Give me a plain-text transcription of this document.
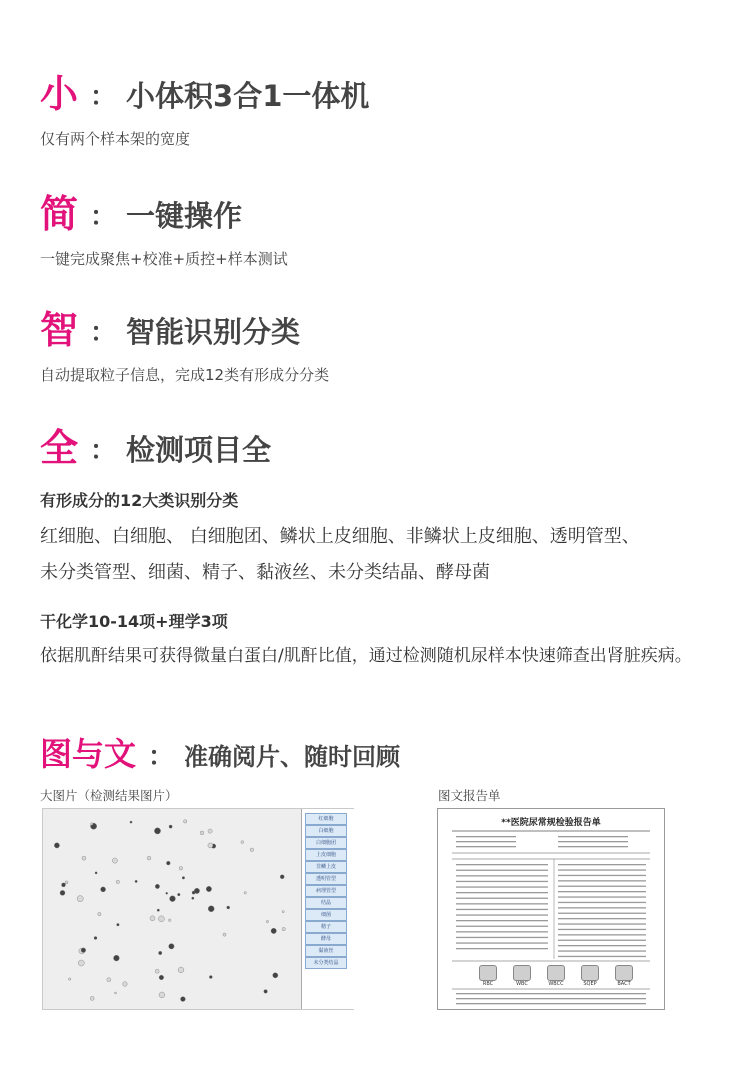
小 ： 小体积3合1一体机
仅有两个样本架的宽度
简 ： 一键操作
一键完成聚焦+校准+质控+样本测试
智 ： 智能识别分类
自动提取粒子信息，完成12类有形成分分类
全 ： 检测项目全
有形成分的12大类识别分类
红细胞、白细胞、 白细胞团、鳞状上皮细胞、非鳞状上皮细胞、透明管型、
未分类管型、细菌、精子、黏液丝、未分类结晶、酵母菌
干化学10-14项+理学3项
依据肌酐结果可获得微量白蛋白/肌酐比值，通过检测随机尿样本快速筛查出肾脏疾病。
图与文 ： 准确阅片、随时回顾
大图片（检测结果图片）	图文报告单
红细胞
白细胞
白细胞团
上皮细胞
非鳞上皮
透明管型
病理管型
结晶
细菌
精子
酵母
黏液丝
未分类结晶
**医院尿常规检验报告单
RBC	WBC	WBCC	SQEP	BACT
